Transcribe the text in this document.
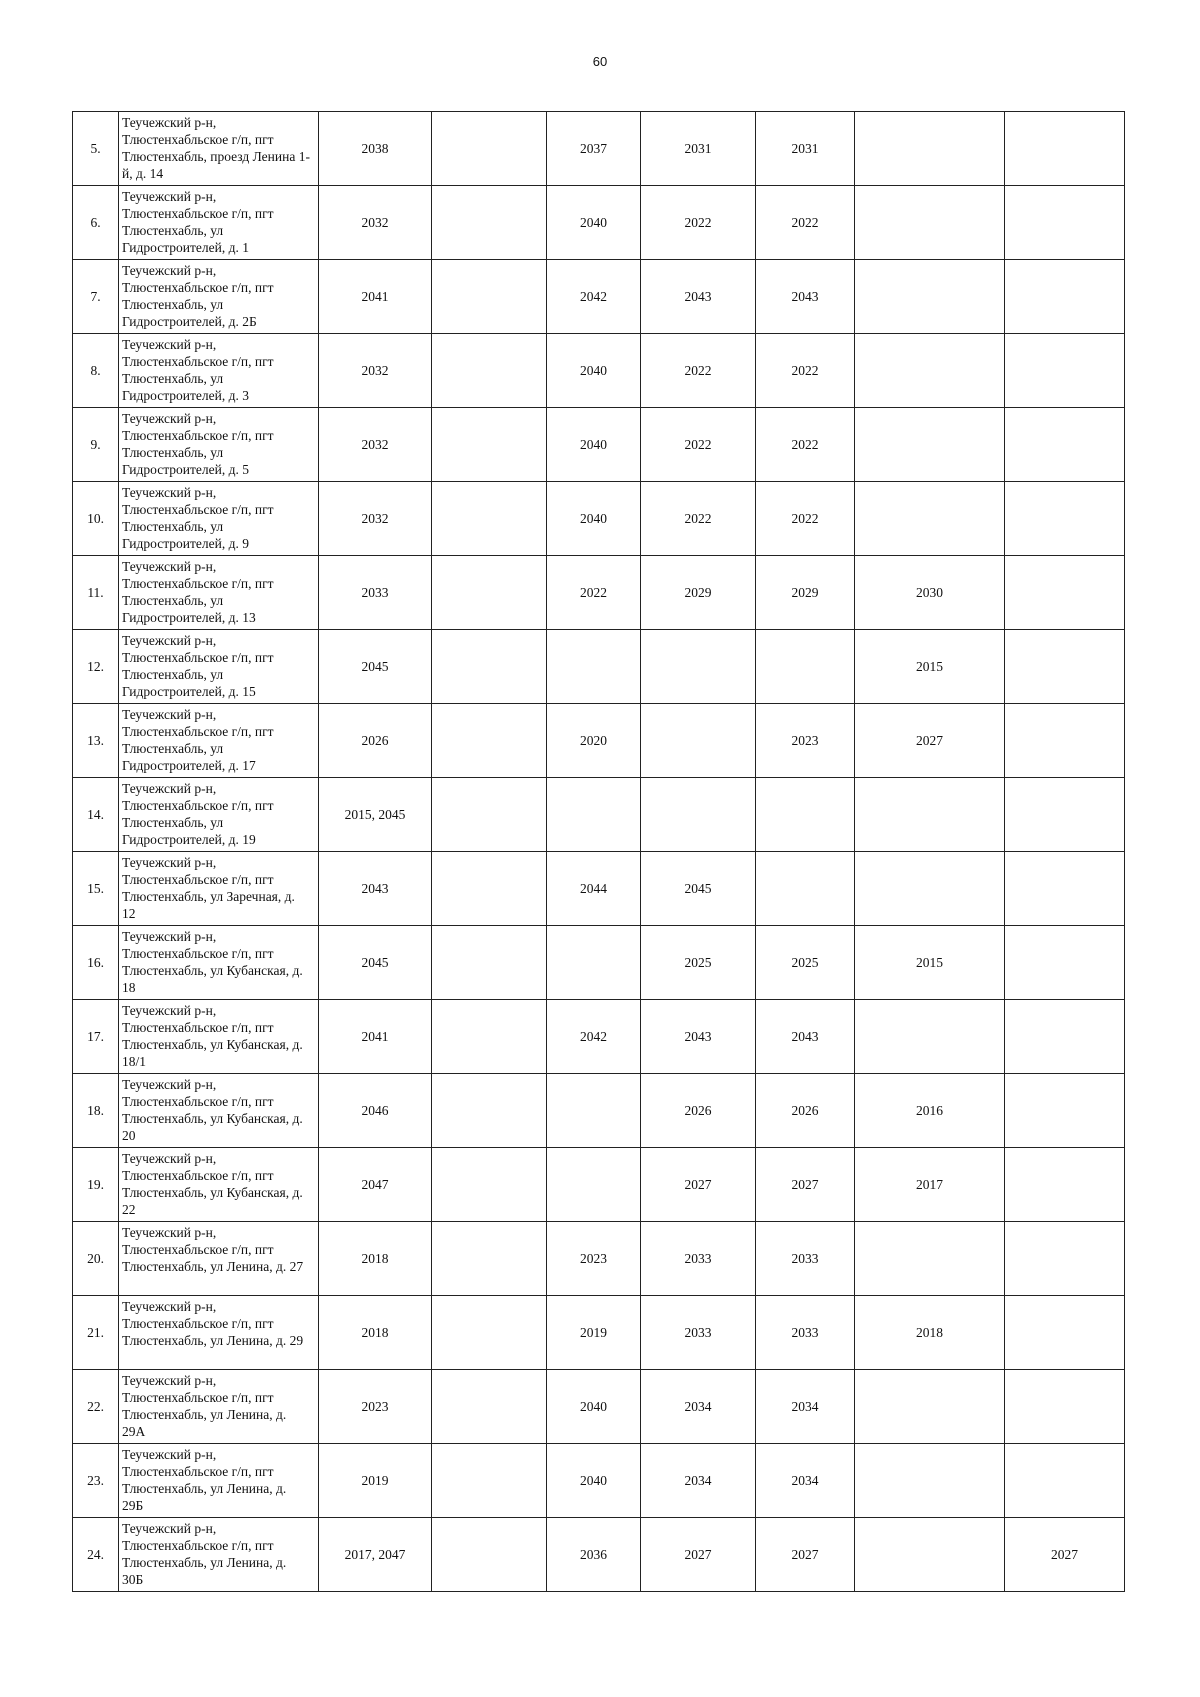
60
5.	Теучежский р-н,
Тлюстенхабльское г/п, пгт
Тлюстенхабль, проезд Ленина 1-
й, д. 14	2038		2037	2031	2031		
6.	Теучежский р-н,
Тлюстенхабльское г/п, пгт
Тлюстенхабль, ул
Гидростроителей, д. 1	2032		2040	2022	2022		
7.	Теучежский р-н,
Тлюстенхабльское г/п, пгт
Тлюстенхабль, ул
Гидростроителей, д. 2Б	2041		2042	2043	2043		
8.	Теучежский р-н,
Тлюстенхабльское г/п, пгт
Тлюстенхабль, ул
Гидростроителей, д. 3	2032		2040	2022	2022		
9.	Теучежский р-н,
Тлюстенхабльское г/п, пгт
Тлюстенхабль, ул
Гидростроителей, д. 5	2032		2040	2022	2022		
10.	Теучежский р-н,
Тлюстенхабльское г/п, пгт
Тлюстенхабль, ул
Гидростроителей, д. 9	2032		2040	2022	2022		
11.	Теучежский р-н,
Тлюстенхабльское г/п, пгт
Тлюстенхабль, ул
Гидростроителей, д. 13	2033		2022	2029	2029	2030	
12.	Теучежский р-н,
Тлюстенхабльское г/п, пгт
Тлюстенхабль, ул
Гидростроителей, д. 15	2045					2015	
13.	Теучежский р-н,
Тлюстенхабльское г/п, пгт
Тлюстенхабль, ул
Гидростроителей, д. 17	2026		2020		2023	2027	
14.	Теучежский р-н,
Тлюстенхабльское г/п, пгт
Тлюстенхабль, ул
Гидростроителей, д. 19	2015, 2045						
15.	Теучежский р-н,
Тлюстенхабльское г/п, пгт
Тлюстенхабль, ул Заречная, д.
12	2043		2044	2045			
16.	Теучежский р-н,
Тлюстенхабльское г/п, пгт
Тлюстенхабль, ул Кубанская, д.
18	2045			2025	2025	2015	
17.	Теучежский р-н,
Тлюстенхабльское г/п, пгт
Тлюстенхабль, ул Кубанская, д.
18/1	2041		2042	2043	2043		
18.	Теучежский р-н,
Тлюстенхабльское г/п, пгт
Тлюстенхабль, ул Кубанская, д.
20	2046			2026	2026	2016	
19.	Теучежский р-н,
Тлюстенхабльское г/п, пгт
Тлюстенхабль, ул Кубанская, д.
22	2047			2027	2027	2017	
20.	Теучежский р-н,
Тлюстенхабльское г/п, пгт
Тлюстенхабль, ул Ленина, д. 27	2018		2023	2033	2033		
21.	Теучежский р-н,
Тлюстенхабльское г/п, пгт
Тлюстенхабль, ул Ленина, д. 29	2018		2019	2033	2033	2018	
22.	Теучежский р-н,
Тлюстенхабльское г/п, пгт
Тлюстенхабль, ул Ленина, д.
29А	2023		2040	2034	2034		
23.	Теучежский р-н,
Тлюстенхабльское г/п, пгт
Тлюстенхабль, ул Ленина, д.
29Б	2019		2040	2034	2034		
24.	Теучежский р-н,
Тлюстенхабльское г/п, пгт
Тлюстенхабль, ул Ленина, д.
30Б	2017, 2047		2036	2027	2027		2027
